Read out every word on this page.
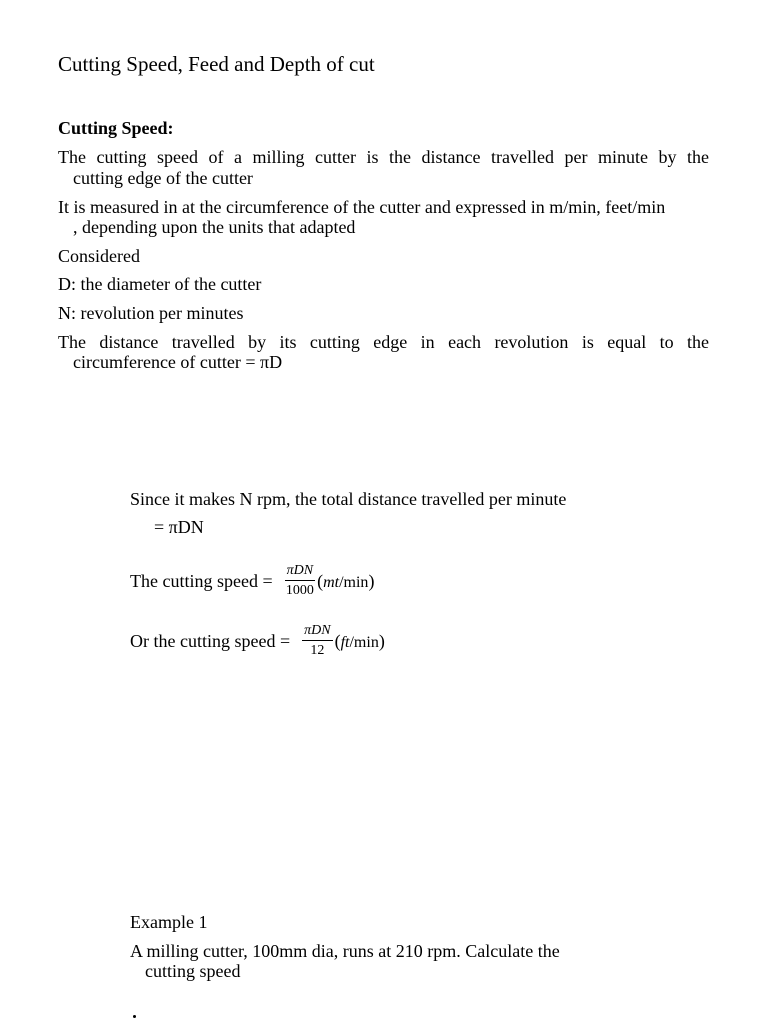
Cutting Speed, Feed and Depth of cut
Cutting Speed:
The cutting speed of a milling cutter is the distance travelled per minute by the
cutting edge of the cutter
It is measured in at the circumference of the cutter and expressed in m/min, feet/min
, depending upon the units that adapted
Considered
D: the diameter of the cutter
N: revolution per minutes
The distance travelled by its cutting edge in each revolution is equal to the
circumference of cutter = πD
Since it makes N rpm, the total distance travelled per minute
= πDN
The cutting speed = $\frac{\text{πDN}}{1000} (mt/\min)$
Or the cutting speed = $\frac{\text{πDN}}{12} (ft/\min)$
Example 1
A milling cutter, 100mm dia, runs at 210 rpm. Calculate the
cutting speed
